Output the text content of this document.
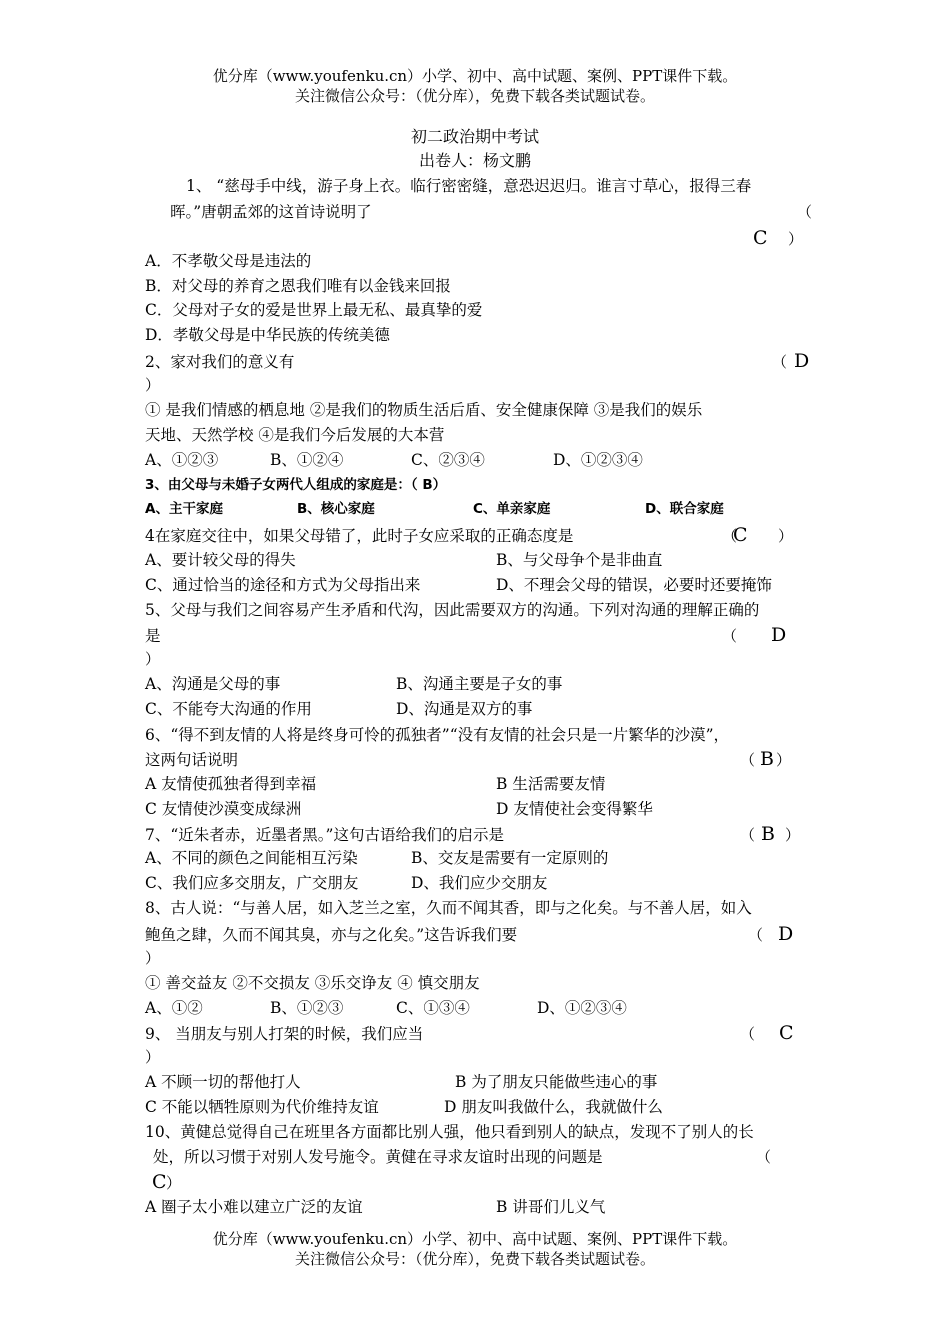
优分库（www.youfenku.cn）小学、初中、高中试题、案例、PPT课件下载。
关注微信公众号：（优分库），免费下载各类试题试卷。
初二政治期中考试
出卷人：杨文鹏
1、 “慈母手中线，游子身上衣。临行密密缝，意恐迟迟归。谁言寸草心，报得三春
晖。”唐朝孟郊的这首诗说明了	（
C ）
A．不孝敬父母是违法的
B．对父母的养育之恩我们唯有以金钱来回报
C．父母对子女的爱是世界上最无私、最真挚的爱
D．孝敬父母是中华民族的传统美德
2、家对我们的意义有	（ D
）
① 是我们情感的栖息地 ②是我们的物质生活后盾、安全健康保障 ③是我们的娱乐
天地、天然学校 ④是我们今后发展的大本营
A、①②③	B、①②④	C、②③④	D、①②③④
3、由父母与未婚子女两代人组成的家庭是：（ B）
A、主干家庭	B、核心家庭	C、单亲家庭	D、联合家庭
4在家庭交往中，如果父母错了，此时子女应采取的正确态度是	（
C ）
A、要计较父母的得失	B、与父母争个是非曲直
C、通过恰当的途径和方式为父母指出来	D、不理会父母的错误，必要时还要掩饰
5、父母与我们之间容易产生矛盾和代沟，因此需要双方的沟通。下列对沟通的理解正确的
是	（ D
）
A、沟通是父母的事	B、沟通主要是子女的事
C、不能夸大沟通的作用	D、沟通是双方的事
6、“得不到友情的人将是终身可怜的孤独者”“没有友情的社会只是一片繁华的沙漠”，
这两句话说明	（ B ）
A 友情使孤独者得到幸福	B 生活需要友情
C 友情使沙漠变成绿洲	D 友情使社会变得繁华
7、“近朱者赤，近墨者黑。”这句古语给我们的启示是	（ B ）
A、不同的颜色之间能相互污染	B、交友是需要有一定原则的
C、我们应多交朋友，广交朋友	D、我们应少交朋友
8、古人说：“与善人居，如入芝兰之室，久而不闻其香，即与之化矣。与不善人居，如入
鲍鱼之肆，久而不闻其臭，亦与之化矣。”这告诉我们要	（ D
）
① 善交益友 ②不交损友 ③乐交诤友 ④ 慎交朋友
A、①②	B、①②③	C、①③④	D、①②③④
9、 当朋友与别人打架的时候，我们应当	（ C
）
A 不顾一切的帮他打人	B 为了朋友只能做些违心的事
C 不能以牺牲原则为代价维持友谊	D 朋友叫我做什么，我就做什么
10、黄健总觉得自己在班里各方面都比别人强，他只看到别人的缺点，发现不了别人的长
处，所以习惯于对别人发号施令。黄健在寻求友谊时出现的问题是	（
C ）
A 圈子太小难以建立广泛的友谊	B 讲哥们儿义气
优分库（www.youfenku.cn）小学、初中、高中试题、案例、PPT课件下载。
关注微信公众号：（优分库），免费下载各类试题试卷。
